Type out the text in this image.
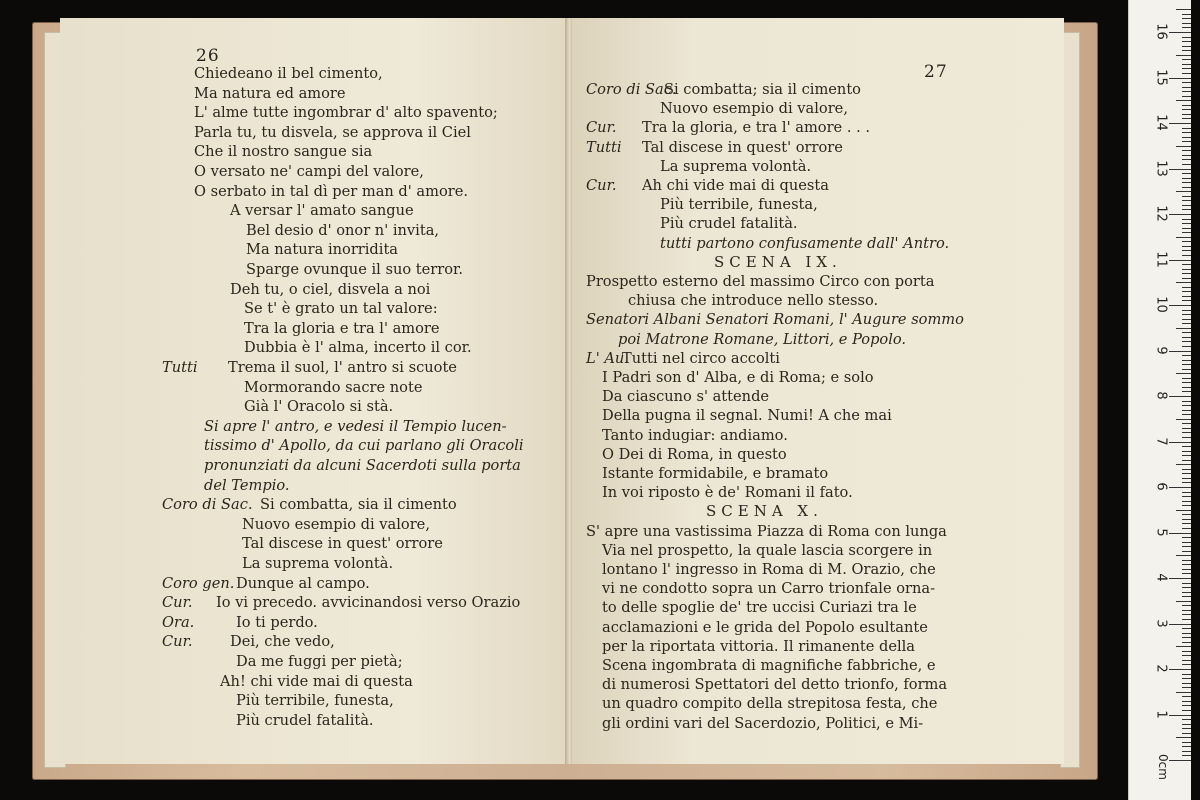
26
27
Chiedeano il bel cimento,
Ma natura ed amore
L' alme tutte ingombrar d' alto spavento;
Parla tu, tu disvela, se approva il Ciel
Che il nostro sangue sia
O versato ne' campi del valore,
O serbato in tal dì per man d' amore.
A versar l' amato sangue
Bel desio d' onor n' invita,
Ma natura inorridita
Sparge ovunque il suo terror.
Deh tu, o ciel, disvela a noi
Se t' è grato un tal valore:
Tra la gloria e tra l' amore
Dubbia è l' alma, incerto il cor.
Tutti Trema il suol, l' antro si scuote
Mormorando sacre note
Già l' Oracolo si stà.
Si apre l' antro, e vedesi il Tempio lucen-
tissimo d' Apollo, da cui parlano gli Oracoli
pronunziati da alcuni Sacerdoti sulla porta
del Tempio.
Coro di Sac. Si combatta, sia il cimento
Nuovo esempio di valore,
Tal discese in quest' orrore
La suprema volontà.
Coro gen. Dunque al campo.
Cur. Io vi precedo. avvicinandosi verso Orazio
Ora.	Io ti perdo.
Cur.	Dei, che vedo,
Da me fuggi per pietà;
Ah! chi vide mai di questa
Più terribile, funesta,
Più crudel fatalità.
Coro di Sac.
Si combatta; sia il cimento
Nuovo esempio di valore,
Cur. Tra la gloria, e tra l' amore . . .
Tutti Tal discese in quest' orrore
La suprema volontà.
Cur. Ah chi vide mai di questa
Più terribile, funesta,
Più crudel fatalità.
tutti partono confusamente dall' Antro.
SCENA IX.
Prospetto esterno del massimo Circo con porta
chiusa che introduce nello stesso.
Senatori Albani Senatori Romani, l' Augure sommo
poi Matrone Romane, Littori, e Popolo.
L' Au.
Tutti nel circo accolti
I Padri son d' Alba, e di Roma; e solo
Da ciascuno s' attende
Della pugna il segnal. Numi! A che mai
Tanto indugiar: andiamo.
O Dei di Roma, in questo
Istante formidabile, e bramato
In voi riposto è de' Romani il fato.
SCENA X.
S' apre una vastissima Piazza di Roma con lunga
Via nel prospetto, la quale lascia scorgere in
lontano l' ingresso in Roma di M. Orazio, che
vi ne condotto sopra un Carro trionfale orna-
to delle spoglie de' tre uccisi Curiazi tra le
acclamazioni e le grida del Popolo esultante
per la riportata vittoria. Il rimanente della
Scena ingombrata di magnifiche fabbriche, e
di numerosi Spettatori del detto trionfo, forma
un quadro compito della strepitosa festa, che
gli ordini vari del Sacerdozio, Politici, e Mi-
1
2
3
4
5
6
7
8
9
10
11
12
13
14
15
16
0cm
